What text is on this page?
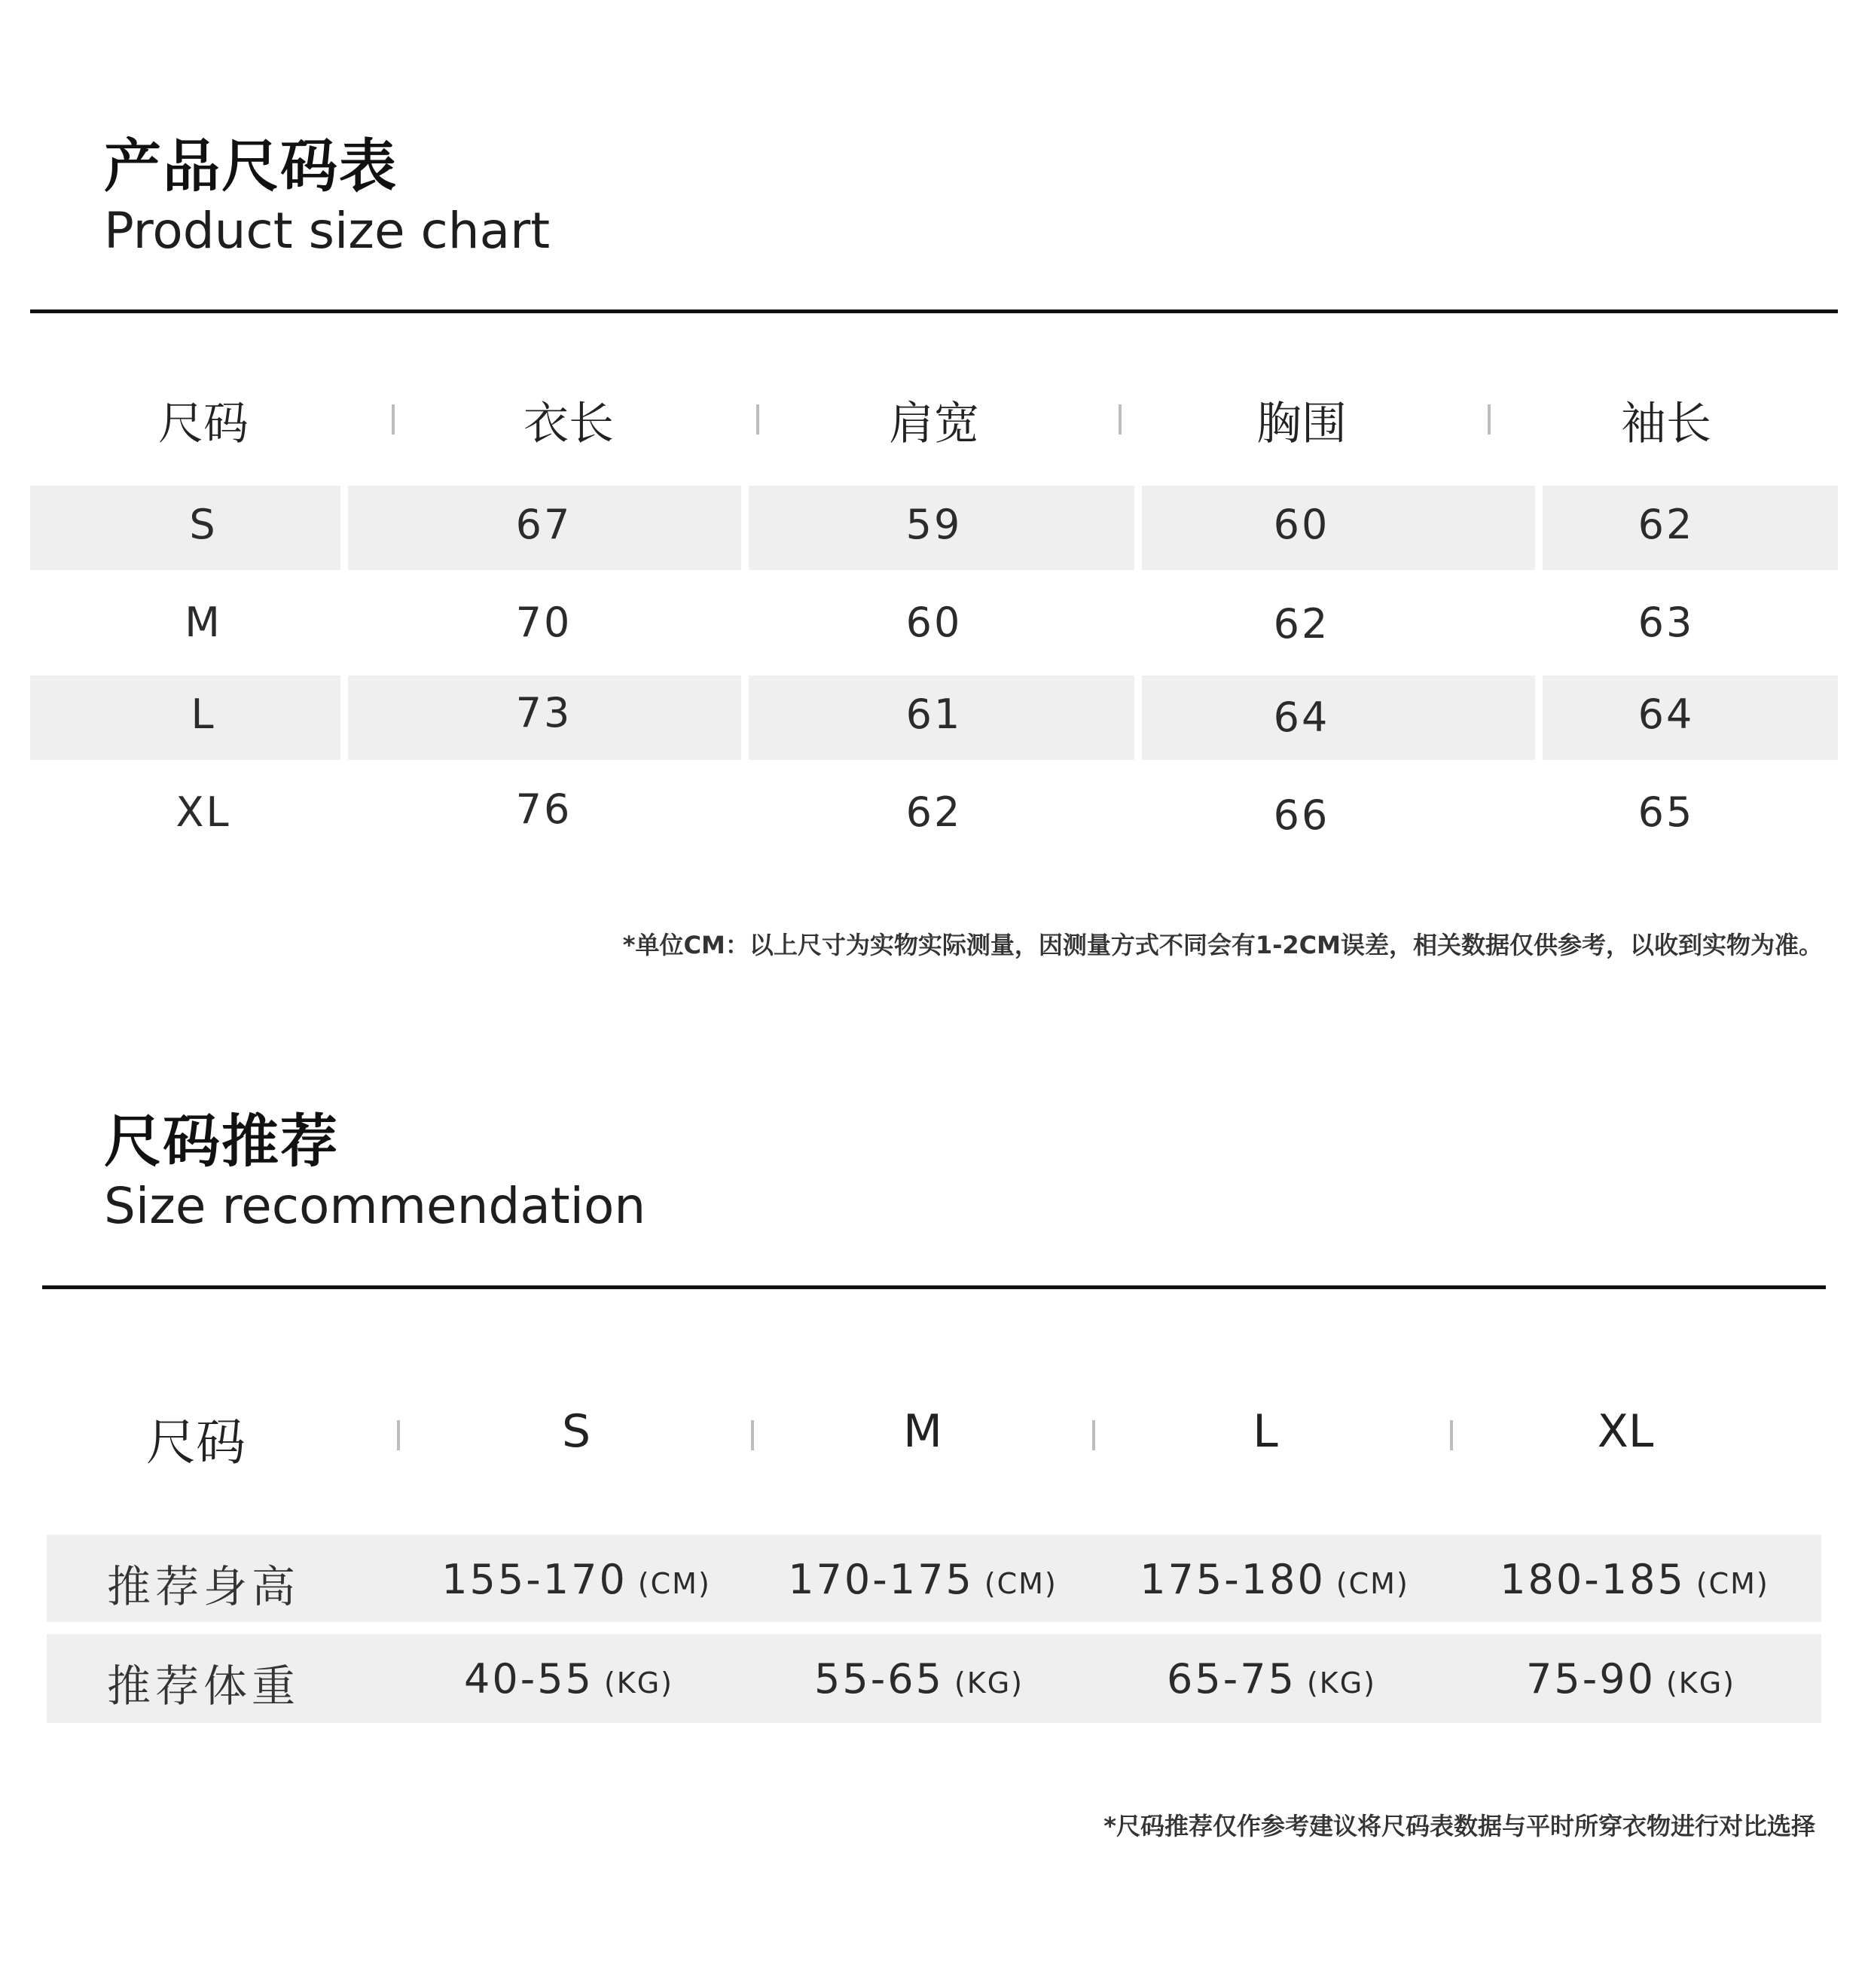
产品尺码表

Product size chart

尺码	衣长	肩宽	胸围	袖长
S	67	59	60	62
M	70	60	62	63
L	73	61	64	64
XL	76	62	66	65
*单位CM：以上尺寸为实物实际测量，因测量方式不同会有1-2CM误差，相关数据仅供参考，以收到实物为准。
尺码推荐

Size recommendation

尺码	S	M	L	XL
推荐身高	155-170 (CM)	170-175 (CM)	175-180 (CM)	180-185 (CM)
推荐体重	40-55 (KG)	55-65 (KG)	65-75 (KG)	75-90 (KG)
*尺码推荐仅作参考建议将尺码表数据与平时所穿衣物进行对比选择
